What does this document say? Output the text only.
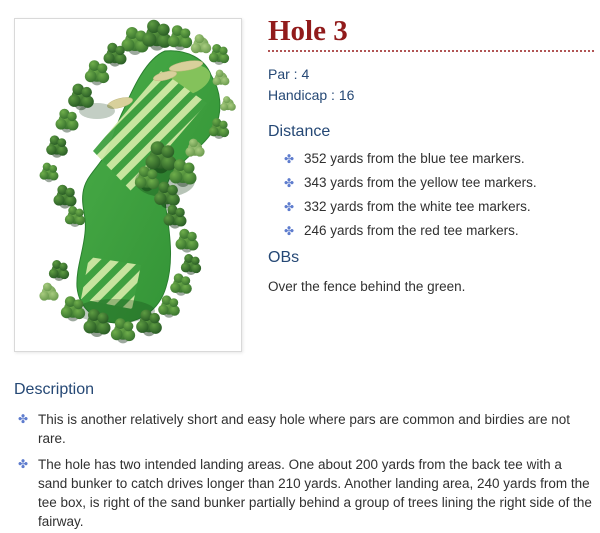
Hole 3
Par : 4
Handicap : 16
Distance
✤ 352 yards from the blue tee markers.
✤ 343 yards from the yellow tee markers.
✤ 332 yards from the white tee markers.
✤ 246 yards from the red tee markers.
OBs

Over the fence behind the green.

Description
✤ This is another relatively short and easy hole where pars are common and birdies are not rare.
✤ The hole has two intended landing areas. One about 200 yards from the back tee with a sand bunker to catch drives longer than 210 yards. Another landing area, 240 yards from the tee box, is right of the sand bunker partially behind a group of trees lining the right side of the fairway.
